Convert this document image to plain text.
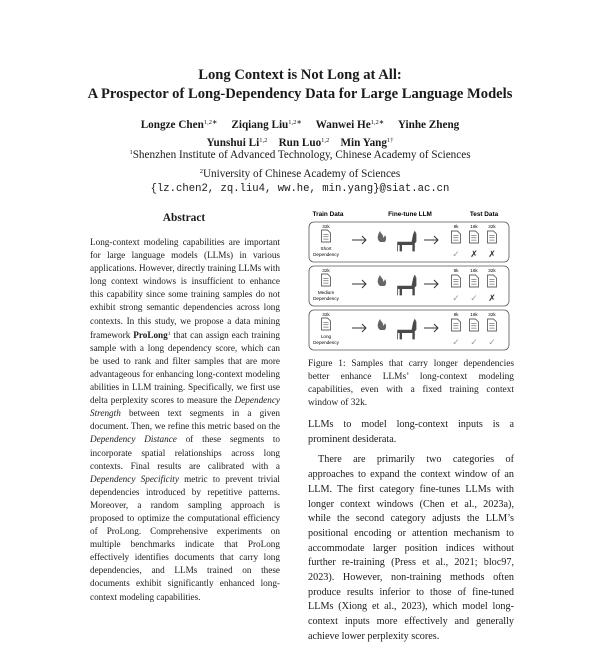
Long Context is Not Long at All:
A Prospector of Long-Dependency Data for Large Language Models
Longze Chen$^{1,2∗}$ Ziqiang Liu$^{1,2∗}$ Wanwei $He^{1,2∗}$ Yinhe Zheng
Yunshui Li$^{1,2}$ Run Luo$^{1,2}$ Min Yang$^{1\dagger}$
$^1$Shenzhen Institute of Advanced Technology, Chinese Academy of Sciences
$^2$University of Chinese Academy of Sciences
{lz.chen2, zq.liu4, ww.he, min.yang}@siat.ac.cn
Abstract
Long-context modeling capabilities are important for large language models (LLMs) in various applications. However, directly training LLMs with long context windows is insufficient to enhance this capability since some training samples do not exhibit strong semantic dependencies across long contexts. In this study, we propose a data mining framework ProLong$^1$ that can assign each training sample with a long dependency score, which can be used to rank and filter samples that are more advantageous for enhancing long-context modeling abilities in LLM training. Specifically, we first use delta perplexity scores to measure the Dependency Strength between text segments in a given document. Then, we refine this metric based on the Dependency Distance of these segments to incorporate spatial relationships across long contexts. Final results are calibrated with a Dependency Specificity metric to prevent trivial dependencies introduced by repetitive patterns. Moreover, a random sampling approach is proposed to optimize the computational efficiency of ProLong. Comprehensive experiments on multiple benchmarks indicate that ProLong effectively identifies documents that carry long dependencies, and LLMs trained on these documents exhibit significantly enhanced long-context modeling capabilities.
Train Data	Fine-tune LLM	Test Data
32k
Short
Dependency
8k	16k 32k
✓ ✗ ✗
32k
Medium
Dependency
8k	16k 32k
✓ ✓ ✗
32k
Long
Dependency
8k	16k 32k
✓ ✓ ✓
Figure 1: Samples that carry longer dependencies better enhance LLMs’ long-context modeling capabilities, even with a fixed training context window of 32k.

LLMs to model long-context inputs is a prominent desiderata.

There are primarily two categories of approaches to expand the context window of an LLM. The first category fine-tunes LLMs with longer context windows (Chen et al., 2023a), while the second category adjusts the LLM’s positional encoding or attention mechanism to accommodate larger position indices without further re-training (Press et al., 2021; bloc97, 2023). However, non-training methods often produce results inferior to those of fine-tuned LLMs (Xiong et al., 2023), which model long-context inputs more effectively and generally achieve lower perplexity scores.
